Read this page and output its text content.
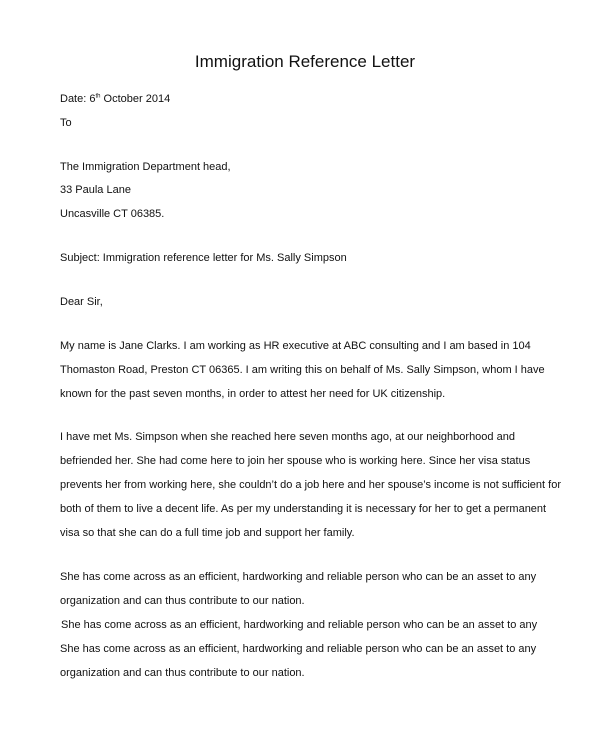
Immigration Reference Letter
Date: 6th October 2014
To
The Immigration Department head,
33 Paula Lane
Uncasville CT 06385.
Subject: Immigration reference letter for Ms. Sally Simpson
Dear Sir,
My name is Jane Clarks. I am working as HR executive at ABC consulting and I am based in 104
Thomaston Road, Preston CT 06365. I am writing this on behalf of Ms. Sally Simpson, whom I have
known for the past seven months, in order to attest her need for UK citizenship.
I have met Ms. Simpson when she reached here seven months ago, at our neighborhood and
befriended her. She had come here to join her spouse who is working here. Since her visa status
prevents her from working here, she couldn’t do a job here and her spouse’s income is not sufficient for
both of them to live a decent life. As per my understanding it is necessary for her to get a permanent
visa so that she can do a full time job and support her family.
She has come across as an efficient, hardworking and reliable person who can be an asset to any
organization and can thus contribute to our nation.
She has come across as an efficient, hardworking and reliable person who can be an asset to any
She has come across as an efficient, hardworking and reliable person who can be an asset to any
organization and can thus contribute to our nation.
